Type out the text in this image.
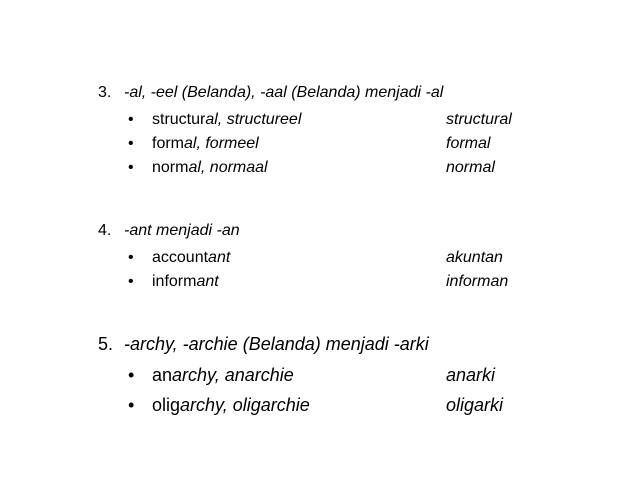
3. -al, -eel (Belanda), -aal (Belanda) menjadi -al
• structural, structureel	structural
• formal, formeel	formal
• normal, normaal	normal
4. -ant menjadi -an
• accountant	akuntan
• informant	informan
5. -archy, -archie (Belanda) menjadi -arki
• anarchy, anarchie	anarki
• oligarchy, oligarchie	oligarki
